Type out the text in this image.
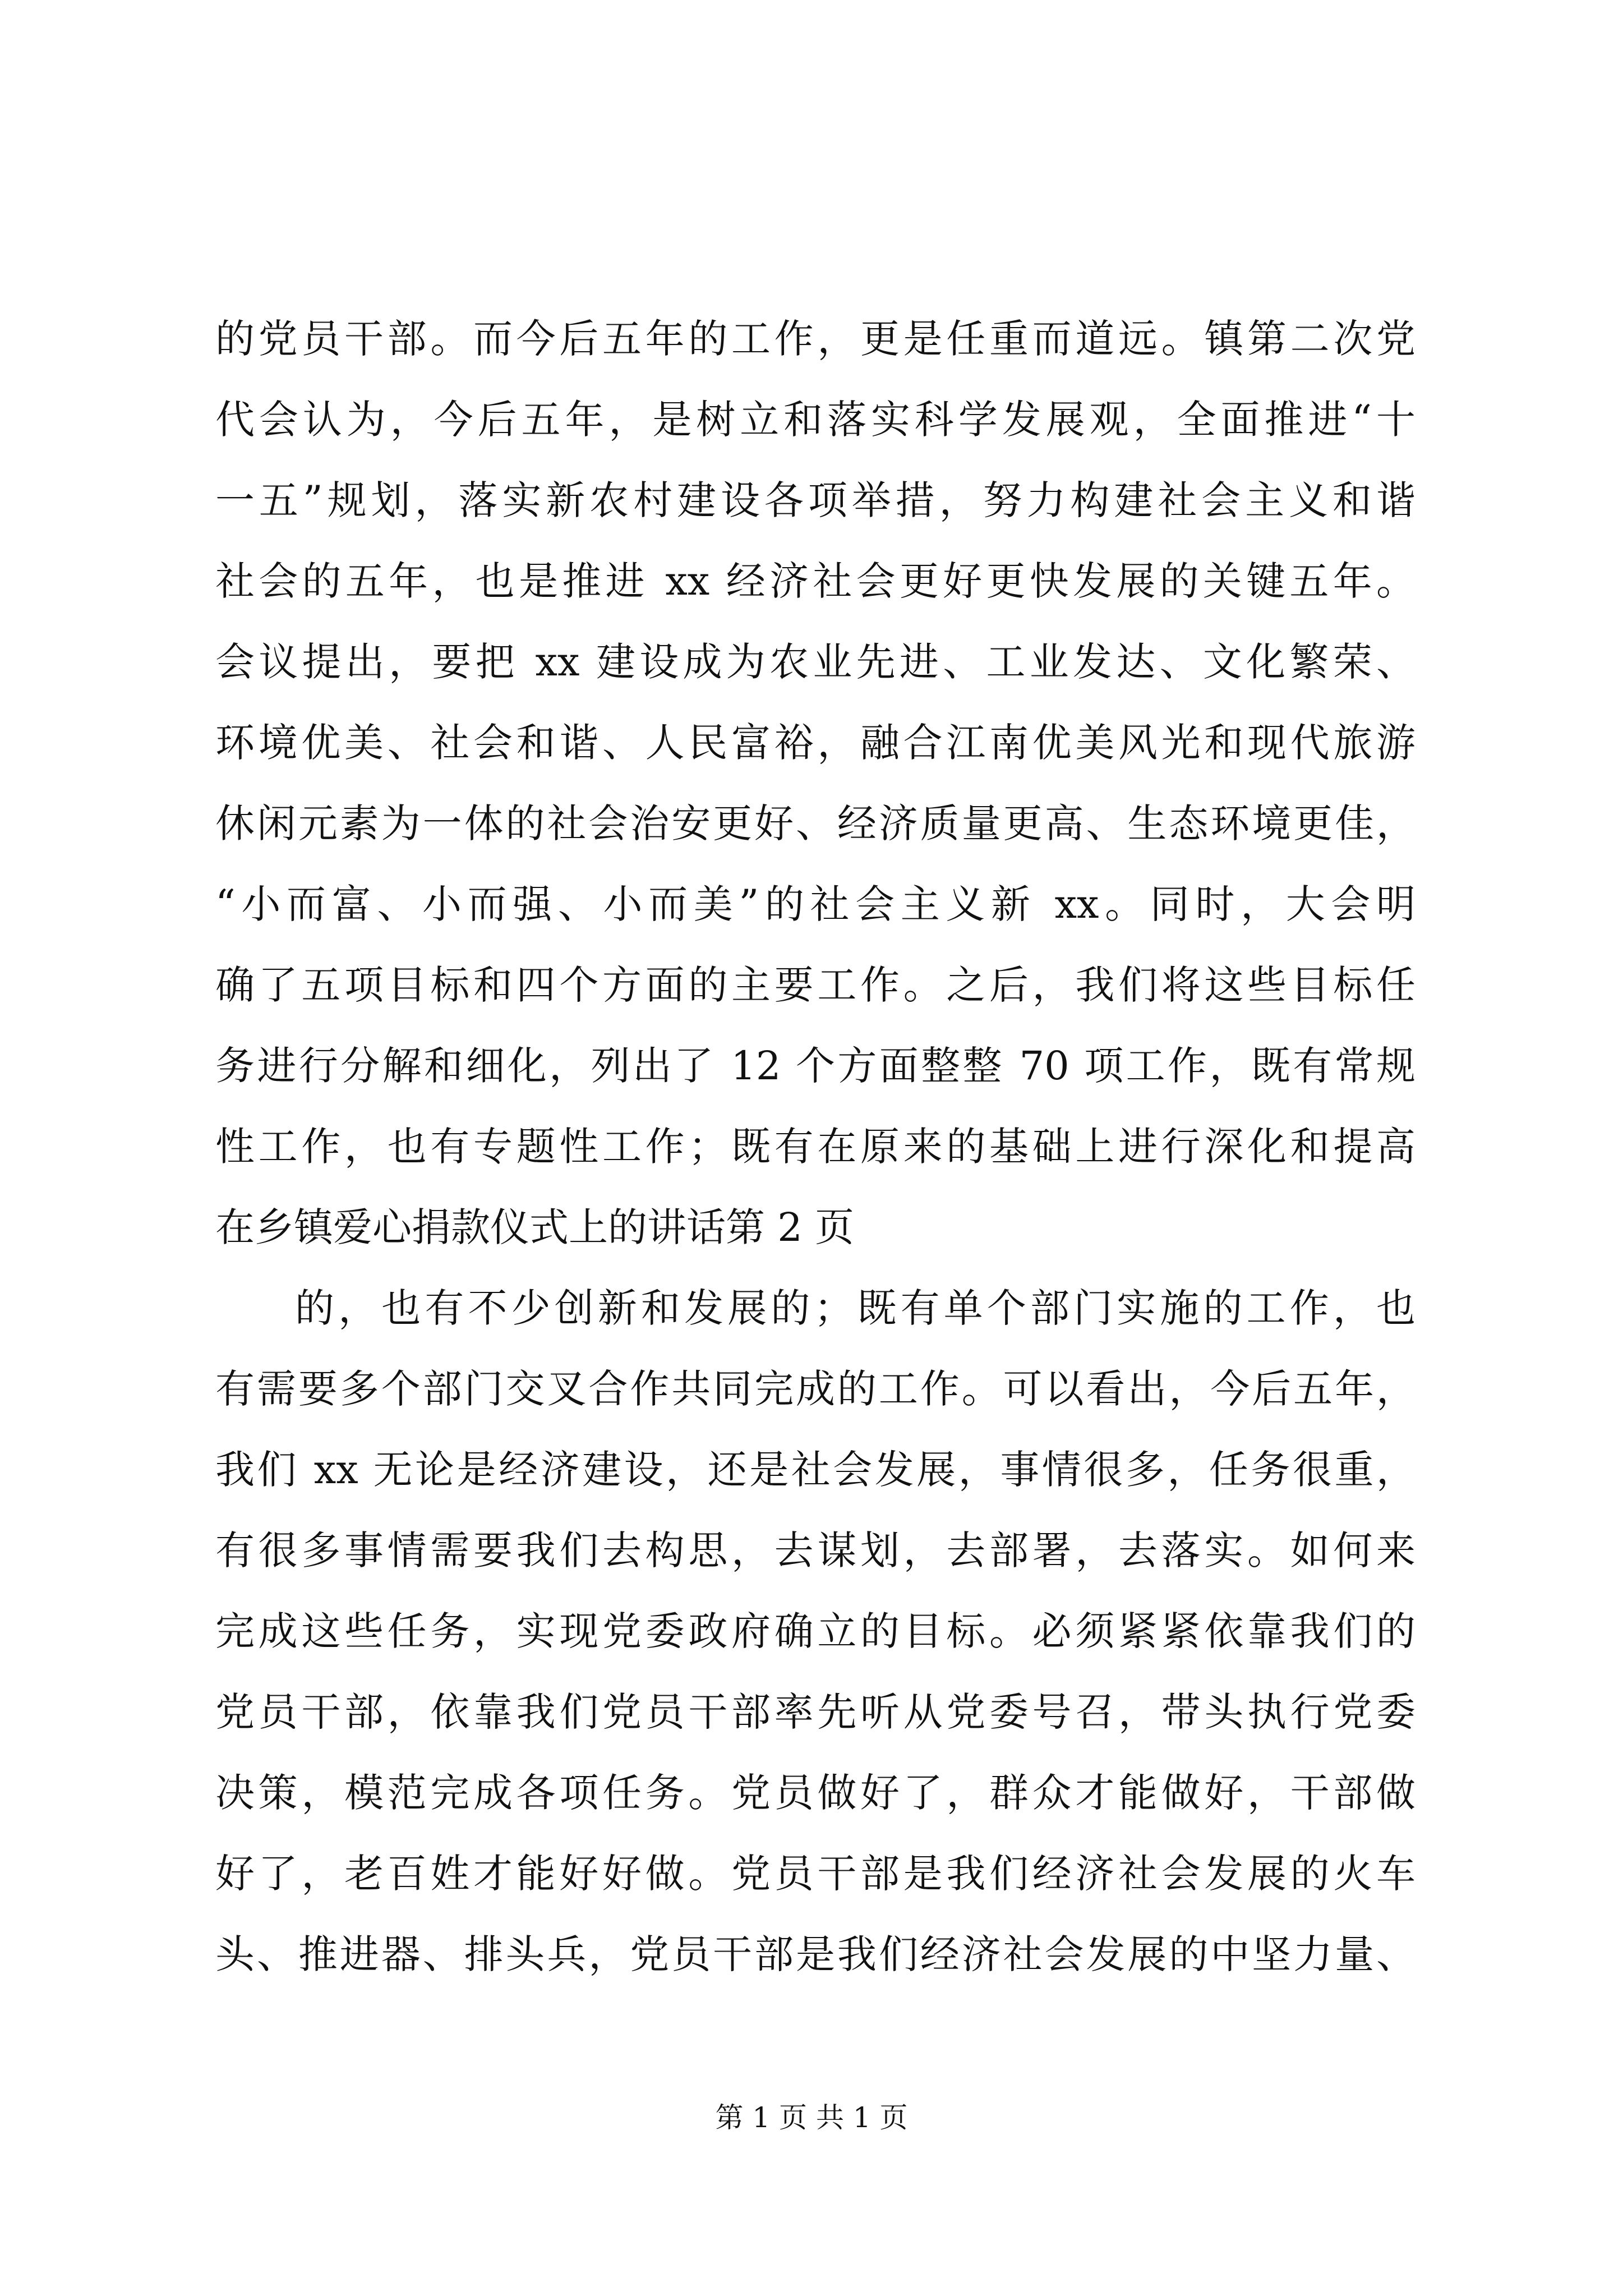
的党员干部。而今后五年的工作，更是任重而道远。镇第二次党
代会认为，今后五年，是树立和落实科学发展观，全面推进“十
一五”规划，落实新农村建设各项举措，努力构建社会主义和谐
社会的五年，也是推进 xx 经济社会更好更快发展的关键五年。
会议提出，要把 xx 建设成为农业先进、工业发达、文化繁荣、
环境优美、社会和谐、人民富裕，融合江南优美风光和现代旅游
休闲元素为一体的社会治安更好、经济质量更高、生态环境更佳，
“小而富、小而强、小而美”的社会主义新 xx。同时，大会明
确了五项目标和四个方面的主要工作。之后，我们将这些目标任
务进行分解和细化，列出了 12 个方面整整 70 项工作，既有常规
性工作，也有专题性工作；既有在原来的基础上进行深化和提高
在乡镇爱心捐款仪式上的讲话第 2 页
的，也有不少创新和发展的；既有单个部门实施的工作，也
有需要多个部门交叉合作共同完成的工作。可以看出，今后五年，
我们 xx 无论是经济建设，还是社会发展，事情很多，任务很重，
有很多事情需要我们去构思，去谋划，去部署，去落实。如何来
完成这些任务，实现党委政府确立的目标。必须紧紧依靠我们的
党员干部，依靠我们党员干部率先听从党委号召，带头执行党委
决策，模范完成各项任务。党员做好了，群众才能做好，干部做
好了，老百姓才能好好做。党员干部是我们经济社会发展的火车
头、推进器、排头兵，党员干部是我们经济社会发展的中坚力量、
第 1 页 共 1 页
